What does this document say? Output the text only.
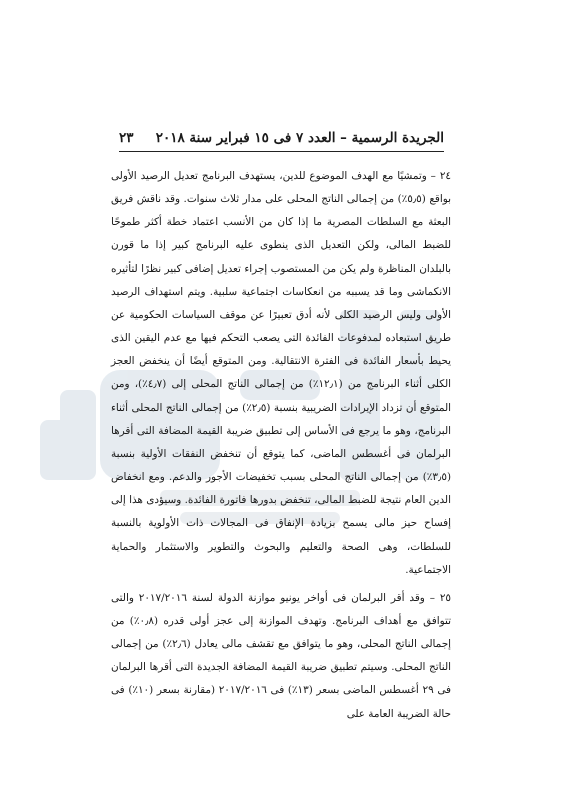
الجريدة الرسمية – العدد ٧ فى ١٥ فبراير سنة ٢٠١٨
٢٣

٢٤ – وتمشيًا مع الهدف الموضوع للدين، يستهدف البرنامج تعديل الرصيد الأولى بواقع (٥٫٥٪) من إجمالى الناتج المحلى على مدار ثلاث سنوات. وقد ناقش فريق البعثة مع السلطات المصرية ما إذا كان من الأنسب اعتماد خطة أكثر طموحًا للضبط المالى، ولكن التعديل الذى ينطوى عليه البرنامج كبير إذا ما قورن بالبلدان المناظرة ولم يكن من المستصوب إجراء تعديل إضافى كبير نظرًا لتأثيره الانكماشى وما قد يسببه من انعكاسات اجتماعية سلبية. ويتم استهداف الرصيد الأولى وليس الرصيد الكلى لأنه أدق تعبيرًا عن موقف السياسات الحكومية عن طريق استبعاده لمدفوعات الفائدة التى يصعب التحكم فيها مع عدم اليقين الذى يحيط بأسعار الفائدة فى الفترة الانتقالية. ومن المتوقع أيضًا أن ينخفض العجز الكلى أثناء البرنامج من (١٢٫١٪) من إجمالى الناتج المحلى إلى (٤٫٧٪)، ومن المتوقع أن تزداد الإيرادات الضريبية بنسبة (٢٫٥٪) من إجمالى الناتج المحلى أثناء البرنامج، وهو ما يرجع فى الأساس إلى تطبيق ضريبة القيمة المضافة التى أقرها البرلمان فى أغسطس الماضى، كما يتوقع أن تنخفض النفقات الأولية بنسبة (٣٫٥٪) من إجمالى الناتج المحلى بسبب تخفيضات الأجور والدعم. ومع انخفاض الدين العام نتيجة للضبط المالى، تنخفض بدورها فاتورة الفائدة. وسيؤدى هذا إلى إفساح حيز مالى يسمح بزيادة الإنفاق فى المجالات ذات الأولوية بالنسبة للسلطات، وهى الصحة والتعليم والبحوث والتطوير والاستثمار والحماية الاجتماعية.

٢٥ – وقد أقر البرلمان فى أواخر يونيو موازنة الدولة لسنة ٢٠١٧/٢٠١٦ والتى تتوافق مع أهداف البرنامج. وتهدف الموازنة إلى عجز أولى قدره (٠٫٨٪) من إجمالى الناتج المحلى، وهو ما يتوافق مع تقشف مالى يعادل (٢٫٦٪) من إجمالى الناتج المحلى. وسيتم تطبيق ضريبة القيمة المضافة الجديدة التى أقرها البرلمان فى ٢٩ أغسطس الماضى بسعر (١٣٪) فى ٢٠١٧/٢٠١٦ (مقارنة بسعر (١٠٪) فى حالة الضريبة العامة على
